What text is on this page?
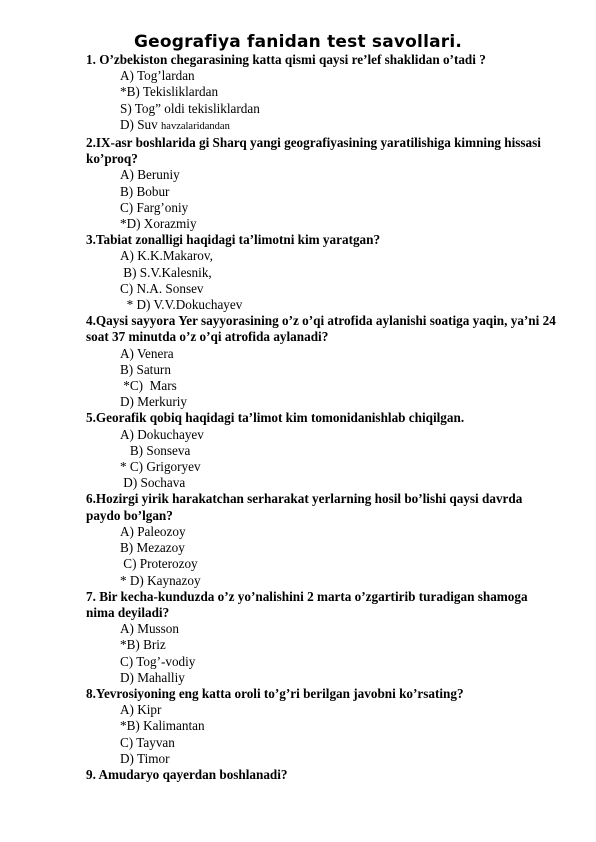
Geografiya fanidan test savollari.
1. O’zbekiston chegarasining katta qismi qaysi re’lef shaklidan o’tadi ?
A) Tog’lardan
*B) Tekisliklardan
S) Tog” oldi tekisliklardan
D) Suv havzalaridandan
2.IX-asr boshlarida gi Sharq yangi geografiyasining yaratilishiga kimning hissasi ko’proq?
A) Beruniy
B) Bobur
C) Farg’oniy
*D) Xorazmiy
3.Tabiat zonalligi haqidagi ta’limotni kim yaratgan?
A) K.K.Makarov,
B) S.V.Kalesnik,
C) N.A. Sonsev
* D) V.V.Dokuchayev
4.Qaysi sayyora Yer sayyorasining o’z o’qi atrofida aylanishi soatiga yaqin, ya’ni 24 soat 37 minutda o’z o’qi atrofida aylanadi?
A) Venera
B) Saturn
*C)  Mars
D) Merkuriy
5.Georafik qobiq haqidagi ta’limot kim tomonidanishlab chiqilgan.
A) Dokuchayev
B) Sonseva
* C) Grigoryev
D) Sochava
6.Hozirgi yirik harakatchan serharakat yerlarning hosil bo’lishi qaysi davrda paydo bo’lgan?
A) Paleozoy
B) Mezazoy
C) Proterozoy
* D) Kaynazoy
7. Bir kecha-kunduzda o’z yo’nalishini 2 marta o’zgartirib turadigan shamoga nima deyiladi?
A) Musson
*B) Briz
C) Tog’-vodiy
D) Mahalliy
8.Yevrosiyoning eng katta oroli to’g’ri berilgan javobni ko’rsating?
A) Kipr
*B) Kalimantan
C) Tayvan
D) Timor
9. Amudaryo qayerdan boshlanadi?
